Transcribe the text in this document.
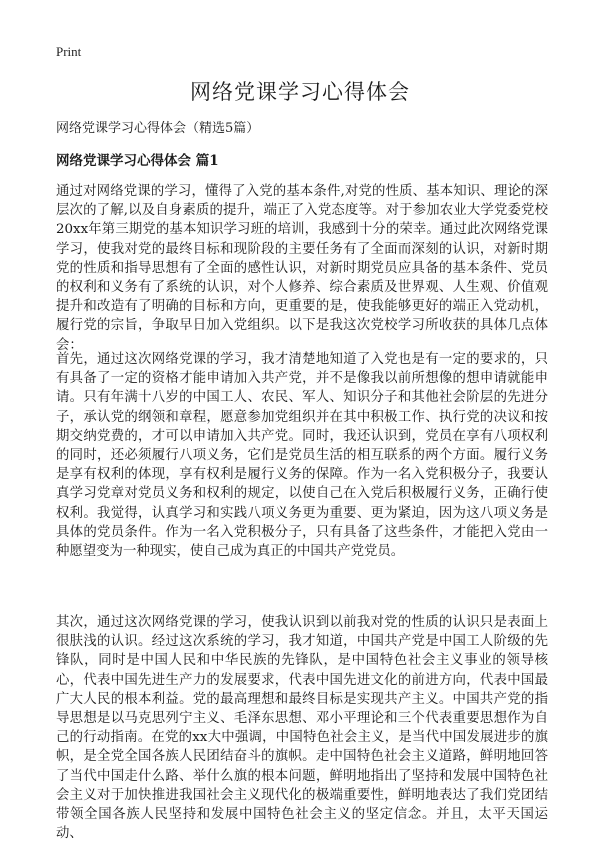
Print
网络党课学习心得体会
网络党课学习心得体会（精选5篇）
网络党课学习心得体会 篇1

通过对网络党课的学习，懂得了入党的基本条件,对党的性质、基本知识、理论的深层次的了解,以及自身素质的提升，端正了入党态度等。对于参加农业大学党委党校20xx年第三期党的基本知识学习班的培训，我感到十分的荣幸。通过此次网络党课学习，使我对党的最终目标和现阶段的主要任务有了全面而深刻的认识，对新时期党的性质和指导思想有了全面的感性认识，对新时期党员应具备的基本条件、党员的权利和义务有了系统的认识，对个人修养、综合素质及世界观、人生观、价值观提升和改造有了明确的目标和方向，更重要的是，使我能够更好的端正入党动机，履行党的宗旨，争取早日加入党组织。以下是我这次党校学习所收获的具体几点体会：

首先，通过这次网络党课的学习，我才清楚地知道了入党也是有一定的要求的，只有具备了一定的资格才能申请加入共产党，并不是像我以前所想像的想申请就能申请。只有年满十八岁的中国工人、农民、军人、知识分子和其他社会阶层的先进分子，承认党的纲领和章程，愿意参加党组织并在其中积极工作、执行党的决议和按期交纳党费的，才可以申请加入共产党。同时，我还认识到，党员在享有八项权利的同时，还必须履行八项义务，它们是党员生活的相互联系的两个方面。履行义务是享有权利的体现，享有权利是履行义务的保障。作为一名入党积极分子，我要认真学习党章对党员义务和权利的规定，以使自己在入党后积极履行义务，正确行使权利。我觉得，认真学习和实践八项义务更为重要、更为紧迫，因为这八项义务是具体的党员条件。作为一名入党积极分子，只有具备了这些条件，才能把入党由一种愿望变为一种现实，使自己成为真正的中国共产党党员。

其次，通过这次网络党课的学习，使我认识到以前我对党的性质的认识只是表面上很肤浅的认识。经过这次系统的学习，我才知道，中国共产党是中国工人阶级的先锋队，同时是中国人民和中华民族的先锋队，是中国特色社会主义事业的领导核心，代表中国先进生产力的发展要求，代表中国先进文化的前进方向，代表中国最广大人民的根本利益。党的最高理想和最终目标是实现共产主义。中国共产党的指导思想是以马克思列宁主义、毛泽东思想、邓小平理论和三个代表重要思想作为自己的行动指南。在党的xx大中强调，中国特色社会主义，是当代中国发展进步的旗帜，是全党全国各族人民团结奋斗的旗帜。走中国特色社会主义道路，鲜明地回答了当代中国走什么路、举什么旗的根本问题，鲜明地指出了坚持和发展中国特色社会主义对于加快推进我国社会主义现代化的极端重要性，鲜明地表达了我们党团结带领全国各族人民坚持和发展中国特色社会主义的坚定信念。并且，太平天国运动、
